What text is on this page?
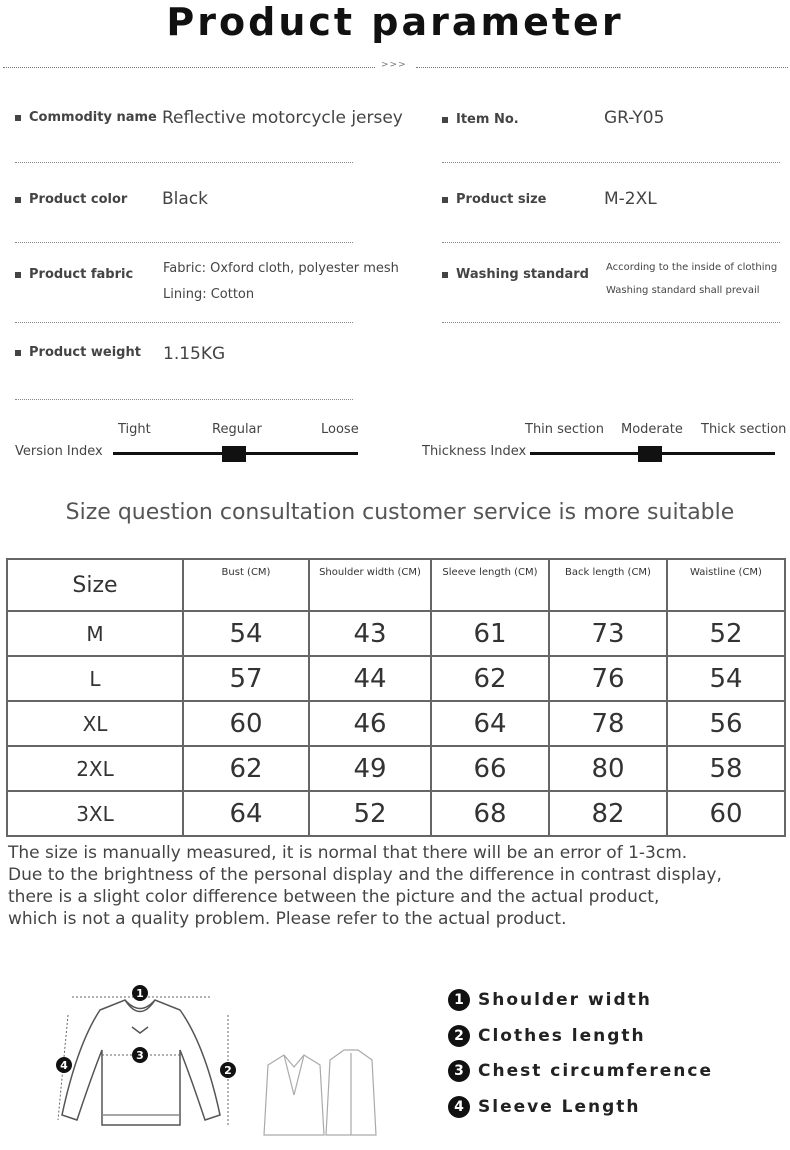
Product parameter
>>>
Commodity name Reflective motorcycle jersey	Item No.	GR-Y05
Product color Black	Product size	M-2XL
Product fabric Fabric: Oxford cloth, polyester mesh
Lining: Cotton
Washing standard According to the inside of clothing
Washing standard shall prevail
Product weight 1.15KG
Tight	Regular	Loose
Version Index
Thin section Moderate Thick section
Thickness Index
Size question consultation customer service is more suitable
Size	Bust (CM)	Shoulder width (CM)	Sleeve length (CM)	Back length (CM)	Waistline (CM)
M	54	43	61	73	52
L	57	44	62	76	54
XL	60	46	64	78	56
2XL	62	49	66	80	58
3XL	64	52	68	82	60
The size is manually measured, it is normal that there will be an error of 1-3cm.
Due to the brightness of the personal display and the difference in contrast display,
there is a slight color difference between the picture and the actual product,
which is not a quality problem. Please refer to the actual product.
1
2
3
4
1 Shoulder width
2 Clothes length
3 Chest circumference
4 Sleeve Length
